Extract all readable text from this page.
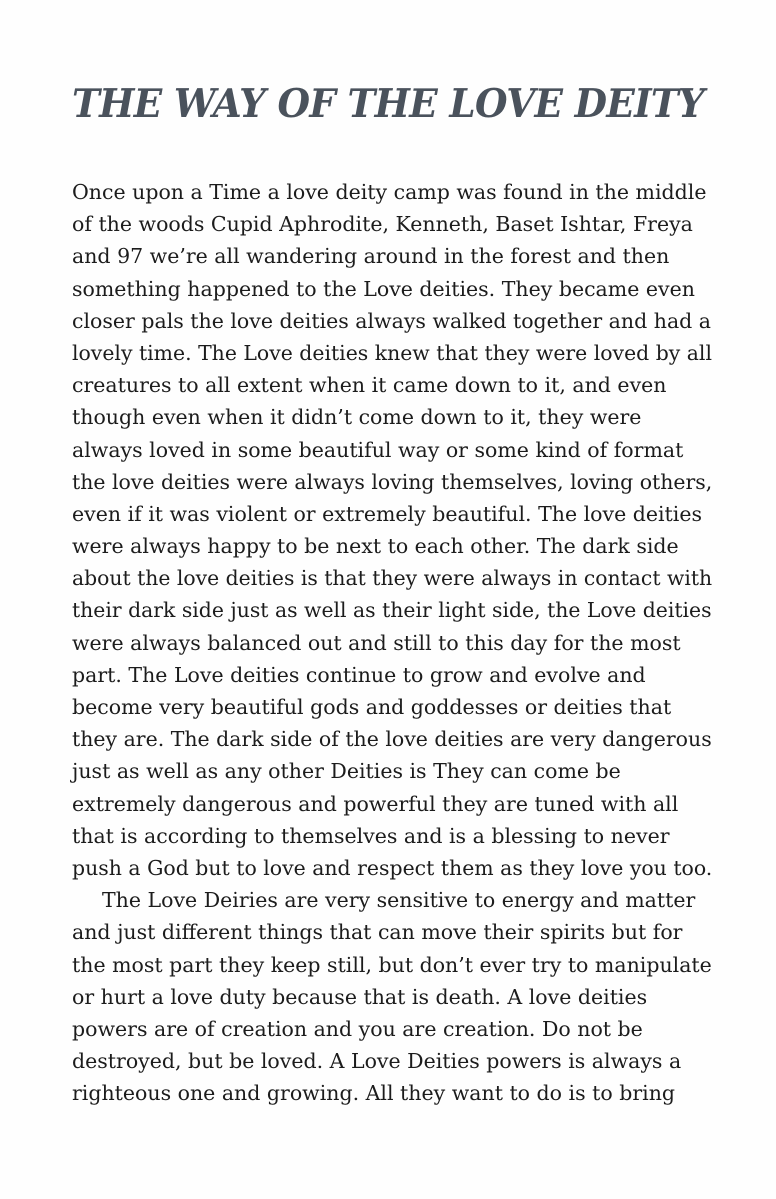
THE WAY OF THE LOVE DEITY
Once upon a Time a love deity camp was found in the middle
of the woods Cupid Aphrodite, Kenneth, Baset Ishtar, Freya
and 97 we’re all wandering around in the forest and then
something happened to the Love deities. They became even
closer pals the love deities always walked together and had a
lovely time. The Love deities knew that they were loved by all
creatures to all extent when it came down to it, and even
though even when it didn’t come down to it, they were
always loved in some beautiful way or some kind of format
the love deities were always loving themselves, loving others,
even if it was violent or extremely beautiful. The love deities
were always happy to be next to each other. The dark side
about the love deities is that they were always in contact with
their dark side just as well as their light side, the Love deities
were always balanced out and still to this day for the most
part. The Love deities continue to grow and evolve and
become very beautiful gods and goddesses or deities that
they are. The dark side of the love deities are very dangerous
just as well as any other Deities is They can come be
extremely dangerous and powerful they are tuned with all
that is according to themselves and is a blessing to never
push a God but to love and respect them as they love you too.
The Love Deiries are very sensitive to energy and matter
and just different things that can move their spirits but for
the most part they keep still, but don’t ever try to manipulate
or hurt a love duty because that is death. A love deities
powers are of creation and you are creation. Do not be
destroyed, but be loved. A Love Deities powers is always a
righteous one and growing. All they want to do is to bring
